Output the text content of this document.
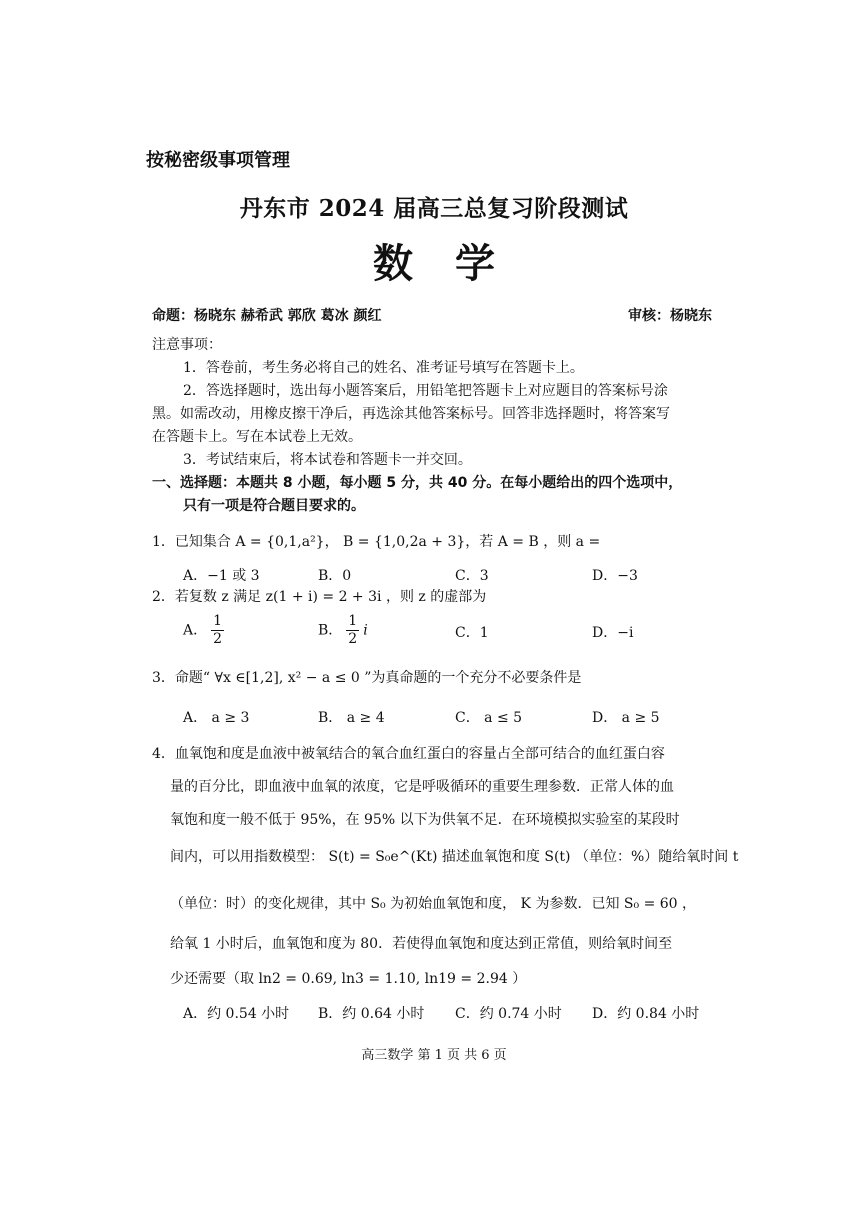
按秘密级事项管理
丹东市 2024 届高三总复习阶段测试
数学
命题：杨晓东 赫希武 郭欣 葛冰 颜红	审核：杨晓东
注意事项：
1．答卷前，考生务必将自己的姓名、准考证号填写在答题卡上。
2．答选择题时，选出每小题答案后，用铅笔把答题卡上对应题目的答案标号涂
黑。如需改动，用橡皮擦干净后，再选涂其他答案标号。回答非选择题时，将答案写
在答题卡上。写在本试卷上无效。
3．考试结束后，将本试卷和答题卡一并交回。
一、选择题：本题共 8 小题，每小题 5 分，共 40 分。在每小题给出的四个选项中，
只有一项是符合题目要求的。
1．已知集合 A = {0,1,a²}， B = {1,0,2a + 3}，若 A = B ，则 a =
A．−1 或 3	B．0	C．3	D．−3
2．若复数 z 满足 z(1 + i) = 2 + 3i ，则 z 的虚部为
A． $\frac{1}{2}$	B． $\frac{1}{2}$ i	C．1	D．−i
3．命题“ ∀x ∈[1,2], x² − a ≤ 0 ”为真命题的一个充分不必要条件是
A． a ≥ 3	B． a ≥ 4	C． a ≤ 5	D． a ≥ 5
4．血氧饱和度是血液中被氧结合的氧合血红蛋白的容量占全部可结合的血红蛋白容
量的百分比，即血液中血氧的浓度，它是呼吸循环的重要生理参数．正常人体的血
氧饱和度一般不低于 95%，在 95% 以下为供氧不足．在环境模拟实验室的某段时
间内，可以用指数模型： S(t) = S₀e^(Kt) 描述血氧饱和度 S(t) （单位：%）随给氧时间 t
（单位：时）的变化规律，其中 S₀ 为初始血氧饱和度， K 为参数．已知 S₀ = 60 ，
给氧 1 小时后，血氧饱和度为 80．若使得血氧饱和度达到正常值，则给氧时间至
少还需要（取 ln2 = 0.69, ln3 = 1.10, ln19 = 2.94 ）
A．约 0.54 小时 B．约 0.64 小时 C．约 0.74 小时 D．约 0.84 小时
高三数学 第 1 页 共 6 页
